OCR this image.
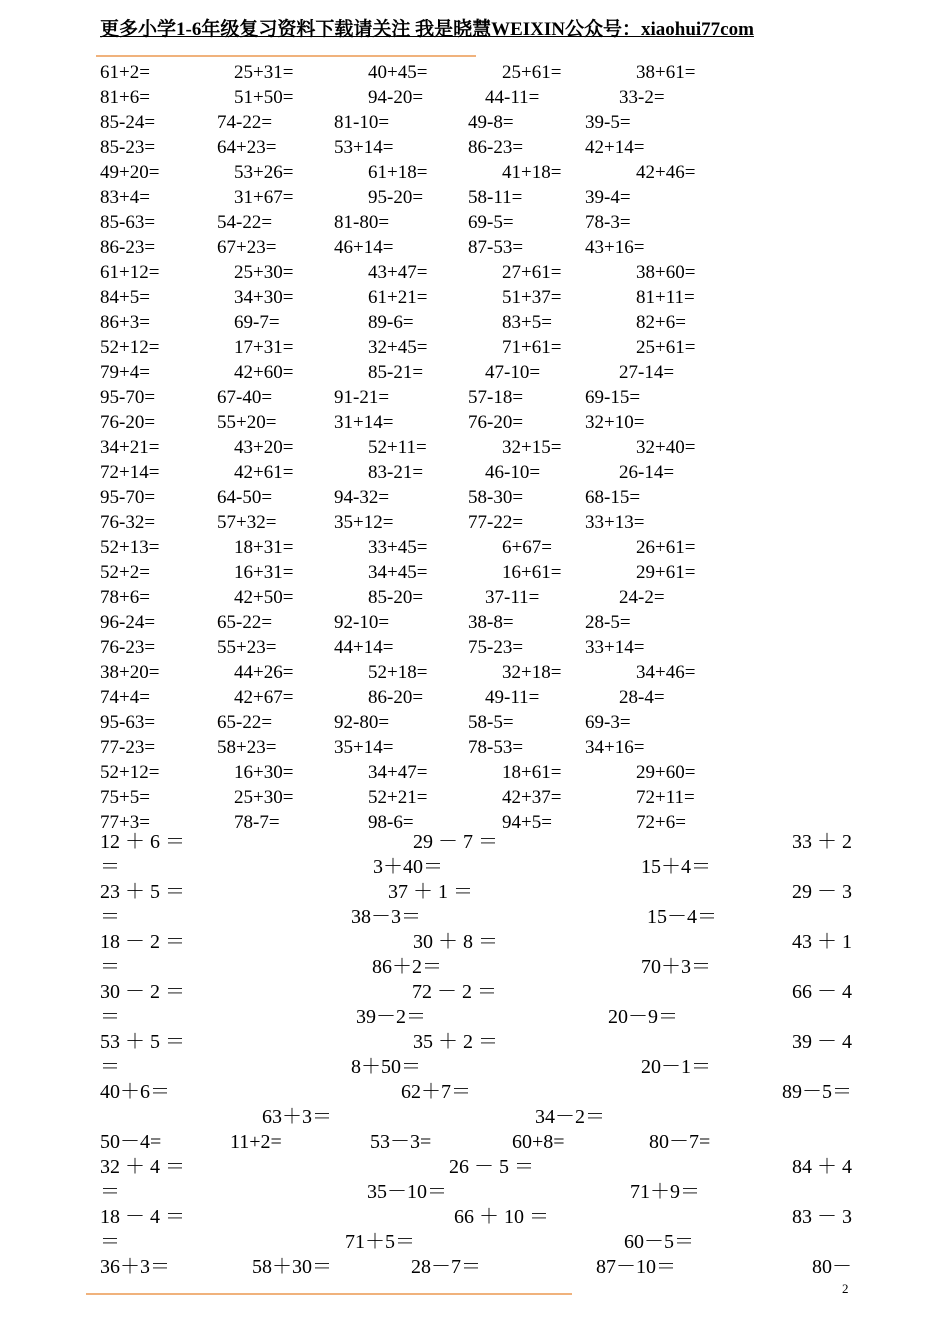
更多小学1-6年级复习资料下载请关注 我是晓慧WEIXIN公众号：xiaohui77com
61+2=	25+31=	40+45=	25+61=	38+61=
81+6=	51+50=	94-20=	44-11=	33-2=
85-24=	74-22=	81-10=	49-8=	39-5=
85-23=	64+23=	53+14=	86-23=	42+14=
49+20=	53+26=	61+18=	41+18=	42+46=
83+4=	31+67=	95-20= 58-11=	39-4=
85-63=	54-22=	81-80=	69-5=	78-3=
86-23=	67+23=	46+14=	87-53=	43+16=
61+12=	25+30=	43+47=	27+61=	38+60=
84+5=	34+30=	61+21=	51+37=	81+11=
86+3=	69-7=	89-6=	83+5=	82+6=
52+12=	17+31=	32+45=	71+61=	25+61=
79+4=	42+60=	85-21=	47-10=	27-14=
95-70=	67-40=	91-21=	57-18=	69-15=
76-20=	55+20=	31+14=	76-20=	32+10=
34+21=	43+20=	52+11=	32+15=	32+40=
72+14=	42+61=	83-21=	46-10=	26-14=
95-70=	64-50=	94-32=	58-30=	68-15=
76-32=	57+32=	35+12=	77-22=	33+13=
52+13=	18+31=	33+45=	6+67=	26+61=
52+2=	16+31=	34+45=	16+61=	29+61=
78+6=	42+50=	85-20=	37-11=	24-2=
96-24=	65-22=	92-10=	38-8=	28-5=
76-23=	55+23=	44+14=	75-23=	33+14=
38+20=	44+26=	52+18=	32+18=	34+46=
74+4=	42+67=	86-20=	49-11=	28-4=
95-63=	65-22=	92-80=	58-5=	69-3=
77-23=	58+23=	35+14=	78-53=	34+16=
52+12=	16+30=	34+47=	18+61=	29+60=
75+5=	25+30=	52+21=	42+37=	72+11=
77+3=	78-7=	98-6=	94+5=	72+6=
12 ＋ 6 ＝	29 － 7 ＝	33 ＋ 2
＝	3＋40＝	15＋4＝
23 ＋ 5 ＝	37 ＋ 1 ＝	29 － 3
＝	38－3＝	15－4＝
18 － 2 ＝	30 ＋ 8 ＝	43 ＋ 1
＝	86＋2＝	70＋3＝
30 － 2 ＝	72 － 2 ＝	66 － 4
＝	39－2＝	20－9＝
53 ＋ 5 ＝	35 ＋ 2 ＝	39 － 4
＝	8＋50＝	20－1＝
40＋6＝	62＋7＝	89－5＝
63＋3＝	34－2＝
50－4=	11+2=	53－3=	60+8=	80－7=
32 ＋ 4 ＝	26 － 5 ＝	84 ＋ 4
＝	35－10＝	71＋9＝
18 － 4 ＝	66 ＋ 10 ＝	83 － 3
＝	71＋5＝	60－5＝
36＋3＝	58＋30＝	28－7＝	87－10＝	80－
2
